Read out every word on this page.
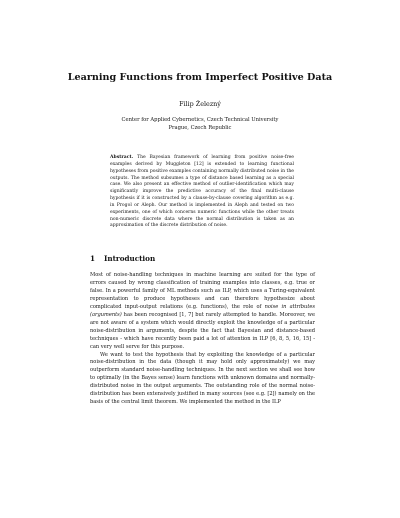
Learning Functions from Imperfect Positive Data
Filip Železný
Center for Applied Cybernetics, Czech Technical University
Prague, Czech Republic
Abstract. The Bayesian framework of learning from positive noise-free examples derived by Muggleton [12] is extended to learning functional hypotheses from positive examples containing normally distributed noise in the outputs. The method subsumes a type of distance based learning as a special case. We also present an effective method of outlier-identification which may significantly improve the predictive accuracy of the final multi-clause hypothesis if it is constructed by a clause-by-clause covering algorithm as e.g. in Progol or Aleph. Our method is implemented in Aleph and tested on two experiments, one of which concerns numeric functions while the other treats non-numeric discrete data where the normal distribution is taken as an approximation of the discrete distribution of noise.
1 Introduction

Most of noise-handling techniques in machine learning are suited for the type of errors caused by wrong classification of training examples into classes, e.g. true or false. In a powerful family of ML methods such as ILP, which uses a Turing-equivalent representation to produce hypotheses and can therefore hypothesize about complicated input-output relations (e.g. functions), the role of noise in attributes (arguments) has been recognised [1, 7] but rarely attempted to handle. Moreover, we are not aware of a system which would directly exploit the knowledge of a particular noise-distribution in arguments, despite the fact that Bayesian and distance-based techniques - which have recently been paid a lot of attention in ILP [6, 8, 5, 16, 15] - can very well serve for this purpose.

We want to test the hypothesis that by exploiting the knowledge of a particular noise-distribution in the data (though it may hold only approximately) we may outperform standard noise-handling techniques. In the next section we shall see how to optimally (in the Bayes sense) learn functions with unknown domains and normally-distributed noise in the output arguments. The outstanding role of the normal noise-distribution has been extensively justified in many sources (see e.g. [2]) namely on the basis of the central limit theorem. We implemented the method in the ILP
